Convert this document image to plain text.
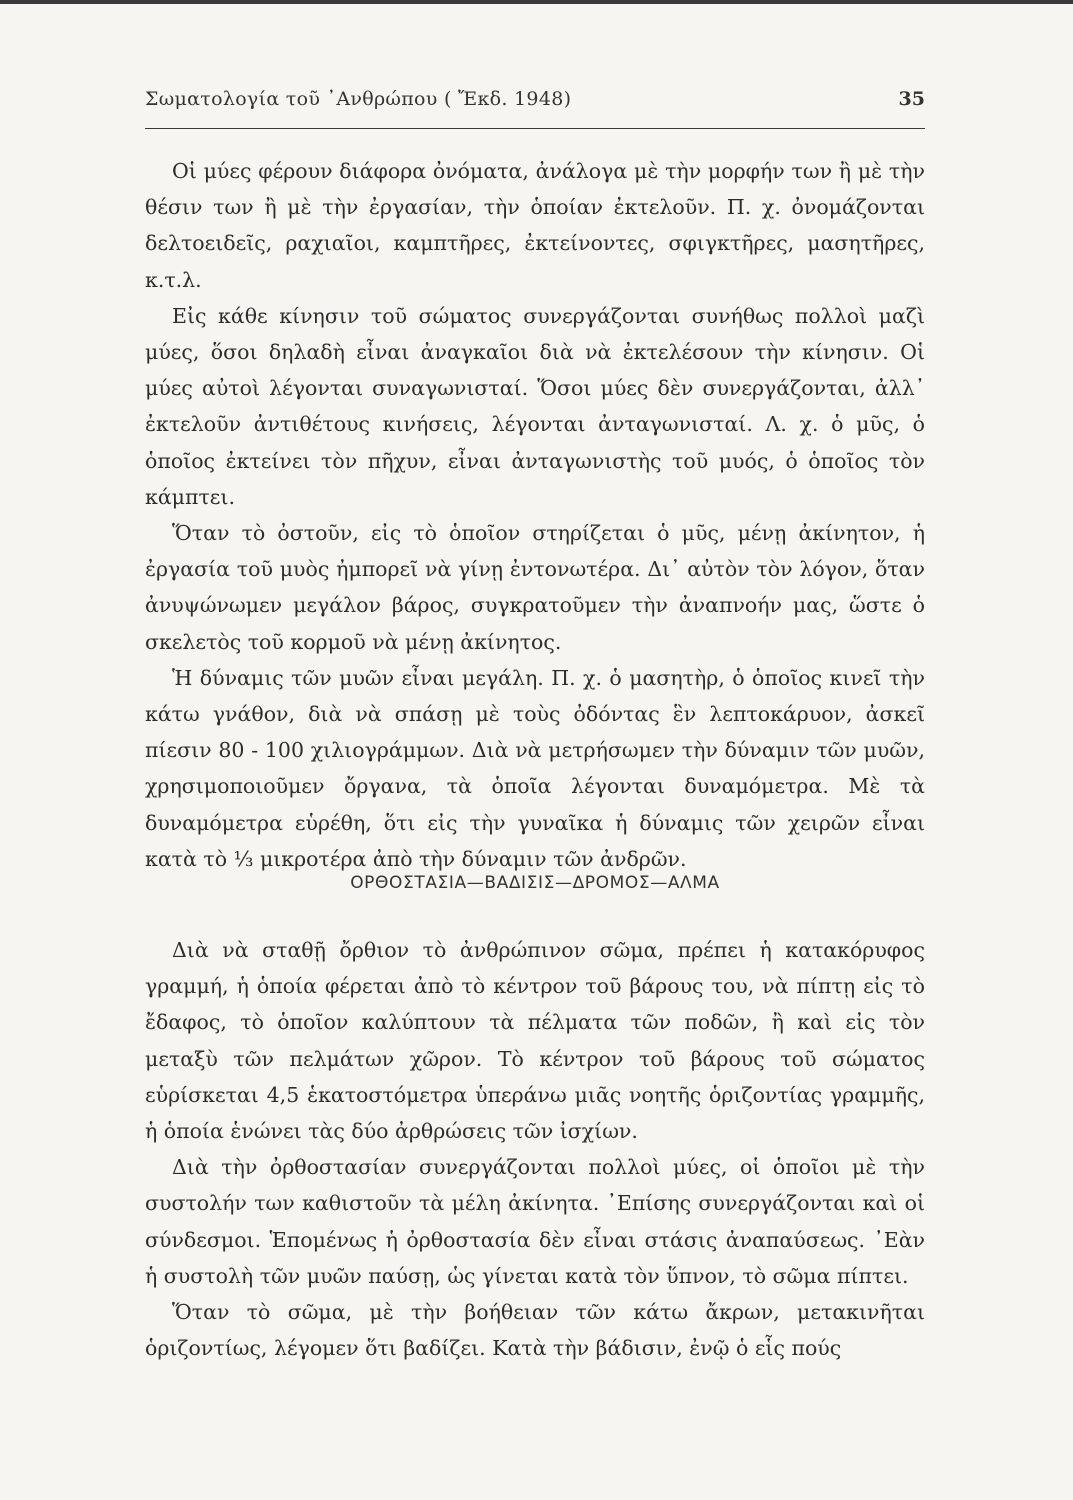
Σωματολογία τοῦ ᾿Ανθρώπου ( Ἔκδ. 1948)	35

Οἱ μύες φέρουν διάφορα ὀνόματα, ἀνάλογα μὲ τὴν μορφήν των ἢ μὲ τὴν θέσιν των ἢ μὲ τὴν ἐργασίαν, τὴν ὁποίαν ἐκτελοῦν. Π. χ. ὀνομάζονται δελτοειδεῖς, ραχιαῖοι, καμπτῆρες, ἐκτείνοντες, σφιγκτῆρες, μασητῆρες, κ.τ.λ.

Εἰς κάθε κίνησιν τοῦ σώματος συνεργάζονται συνήθως πολλοὶ μαζὶ μύες, ὅσοι δηλαδὴ εἶναι ἀναγκαῖοι διὰ νὰ ἐκτελέσουν τὴν κίνησιν. Οἱ μύες αὐτοὶ λέγονται συναγωνισταί. Ὅσοι μύες δὲν συνεργάζονται, ἀλλ᾿ ἐκτελοῦν ἀντιθέτους κινήσεις, λέγονται ἀνταγωνισταί. Λ. χ. ὁ μῦς, ὁ ὁποῖος ἐκτείνει τὸν πῆχυν, εἶναι ἀνταγωνιστὴς τοῦ μυός, ὁ ὁποῖος τὸν κάμπτει.

Ὅταν τὸ ὀστοῦν, εἰς τὸ ὁποῖον στηρίζεται ὁ μῦς, μένῃ ἀκίνητον, ἡ ἐργασία τοῦ μυὸς ἠμπορεῖ νὰ γίνῃ ἐντονωτέρα. Δι᾿ αὐτὸν τὸν λόγον, ὅταν ἀνυψώνωμεν μεγάλον βάρος, συγκρατοῦμεν τὴν ἀναπνοήν μας, ὥστε ὁ σκελετὸς τοῦ κορμοῦ νὰ μένῃ ἀκίνητος.

Ἡ δύναμις τῶν μυῶν εἶναι μεγάλη. Π. χ. ὁ μασητὴρ, ὁ ὁποῖος κινεῖ τὴν κάτω γνάθον, διὰ νὰ σπάσῃ μὲ τοὺς ὀδόντας ἓν λεπτοκάρυον, ἀσκεῖ πίεσιν 80 - 100 χιλιογράμμων. Διὰ νὰ μετρήσωμεν τὴν δύναμιν τῶν μυῶν, χρησιμοποιοῦμεν ὄργανα, τὰ ὁποῖα λέγονται δυναμόμετρα. Μὲ τὰ δυναμόμετρα εὑρέθη, ὅτι εἰς τὴν γυναῖκα ἡ δύναμις τῶν χειρῶν εἶναι κατὰ τὸ ⅓ μικροτέρα ἀπὸ τὴν δύναμιν τῶν ἀνδρῶν.

ΟΡΘΟΣΤΑΣΙΑ—ΒΑΔΙΣΙΣ—ΔΡΟΜΟΣ—ΑΛΜΑ

Διὰ νὰ σταθῇ ὄρθιον τὸ ἀνθρώπινον σῶμα, πρέπει ἡ κατακόρυφος γραμμή, ἡ ὁποία φέρεται ἀπὸ τὸ κέντρον τοῦ βάρους του, νὰ πίπτῃ εἰς τὸ ἔδαφος, τὸ ὁποῖον καλύπτουν τὰ πέλματα τῶν ποδῶν, ἢ καὶ εἰς τὸν μεταξὺ τῶν πελμάτων χῶρον. Τὸ κέντρον τοῦ βάρους τοῦ σώματος εὑρίσκεται 4,5 ἑκατοστόμετρα ὑπεράνω μιᾶς νοητῆς ὁριζοντίας γραμμῆς, ἡ ὁποία ἑνώνει τὰς δύο ἀρθρώσεις τῶν ἰσχίων.

Διὰ τὴν ὀρθοστασίαν συνεργάζονται πολλοὶ μύες, οἱ ὁποῖοι μὲ τὴν συστολήν των καθιστοῦν τὰ μέλη ἀκίνητα. ᾿Επίσης συνεργάζονται καὶ οἱ σύνδεσμοι. Ἑπομένως ἡ ὀρθοστασία δὲν εἶναι στάσις ἀναπαύσεως. ᾿Εὰν ἡ συστολὴ τῶν μυῶν παύσῃ, ὡς γίνεται κατὰ τὸν ὕπνον, τὸ σῶμα πίπτει.

Ὅταν τὸ σῶμα, μὲ τὴν βοήθειαν τῶν κάτω ἄκρων, μετακινῆται ὁριζοντίως, λέγομεν ὅτι βαδίζει. Κατὰ τὴν βάδισιν, ἐνῷ ὁ εἷς πούς
